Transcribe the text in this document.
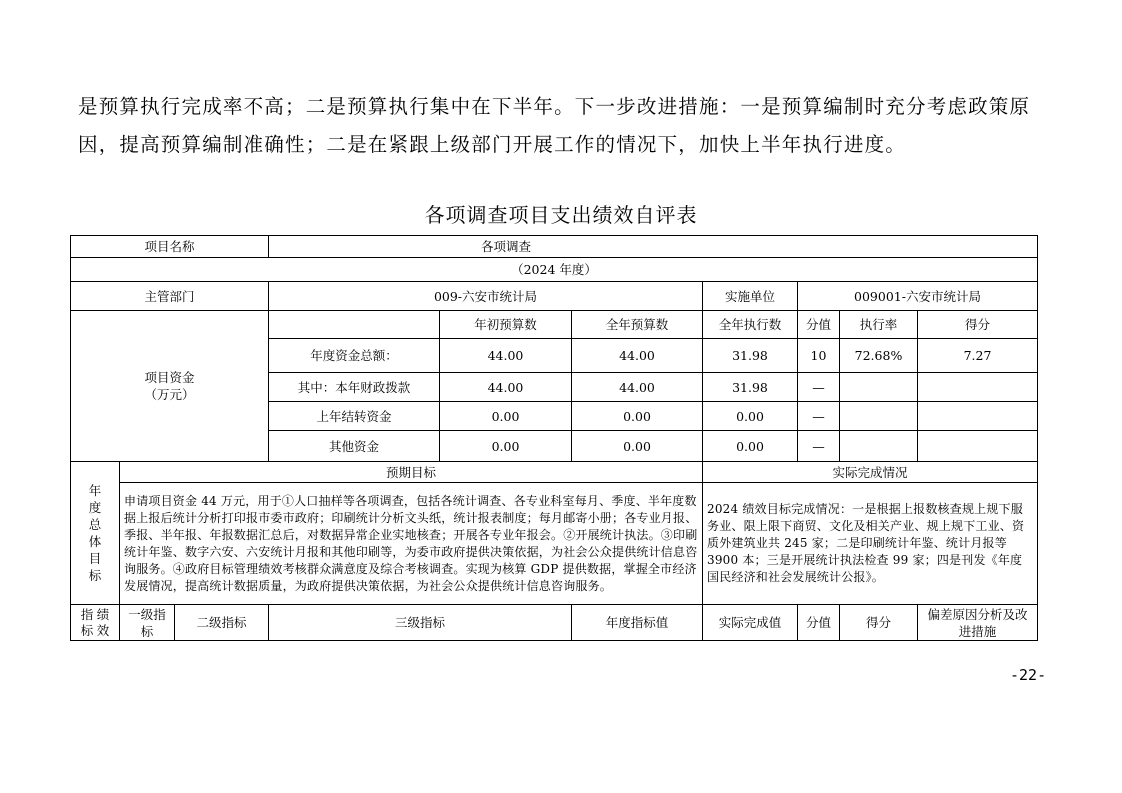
是预算执行完成率不高；二是预算执行集中在下半年。下一步改进措施：一是预算编制时充分考虑政策原
因，提高预算编制准确性；二是在紧跟上级部门开展工作的情况下，加快上半年执行进度。
各项调查项目支出绩效自评表
项目名称			各项调查						
（2024 年度）									
主管部门			009-六安市统计局			实施单位	009001-六安市统计局		

项目资金
（万元）				年初预算数	全年预算数	全年执行数	分值	执行率	得分
			年度资金总额：	44.00	44.00	31.98	10	72.68%	7.27
			其中：本年财政拨款	44.00	44.00	31.98	—		
			上年结转资金	0.00	0.00	0.00	—		
			其他资金	0.00	0.00	0.00	—		

年度总体目标	预期目标					实际完成情况			
	申请项目资金 44 万元，用于①人口抽样等各项调查，包括各统计调查、各专业科室每月、季度、半年度数据上报后统计分析打印报市委市政府；印刷统计分析文头纸，统计报表制度；每月邮寄小册；各专业月报、季报、半年报、年报数据汇总后，对数据异常企业实地核查；开展各专业年报会。②开展统计执法。③印刷统计年鉴、数字六安、六安统计月报和其他印刷等，为委市政府提供决策依据，为社会公众提供统计信息咨询服务。④政府目标管理绩效考核群众满意度及综合考核调查。实现为核算 GDP 提供数据，掌握全市经济发展情况，提高统计数据质量，为政府提供决策依据，为社会公众提供统计信息咨询服务。					2024 绩效目标完成情况：一是根据上报数核查规上规下服务业、限上限下商贸、文化及相关产业、规上规下工业、资质外建筑业共 245 家；二是印刷统计年鉴、统计月报等 3900 本；三是开展统计执法检查 99 家；四是刊发《年度国民经济和社会发展统计公报》。			

指 绩
标 效	一级指标	二级指标	三级指标		年度指标值	实际完成值	分值	得分	偏差原因分析及改进措施
-22-
